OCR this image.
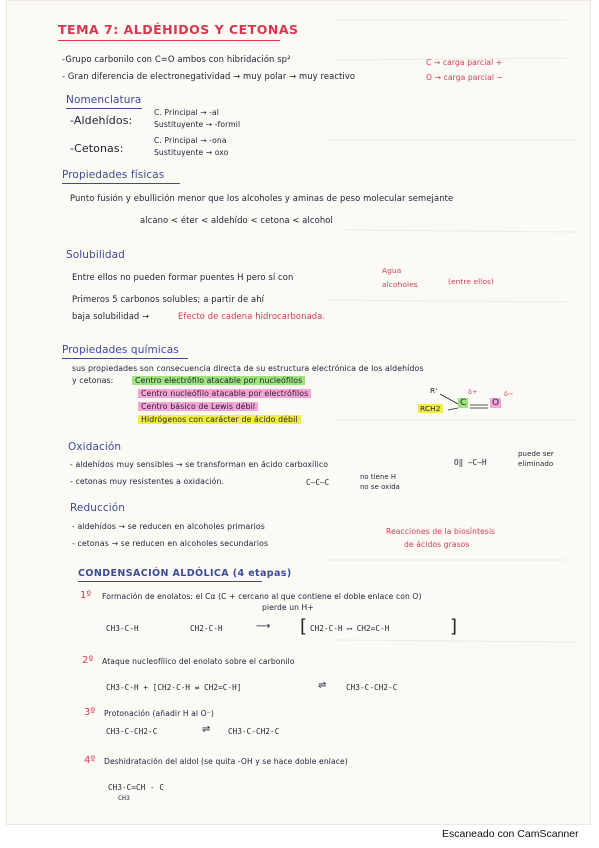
TEMA 7: ALDÉHIDOS Y CETONAS
-Grupo carbonilo con C=O ambos con hibridación sp²
- Gran diferencia de electronegatividad → muy polar → muy reactivo
C → carga parcial +
O → carga parcial −
Nomenclatura
-Aldehídos:
C. Principal → -al
Sustituyente → -formil
-Cetonas:
C. Principal → -ona
Sustituyente → oxo
Propiedades físicas
Punto fusión y ebullición menor que los alcoholes y aminas de peso molecular semejante
alcano < éter < aldehído < cetona < alcohol
Solubilidad
Entre ellos no pueden formar puentes H pero sí con
Agua
alcoholes	(entre ellos)
Primeros 5 carbonos solubles; a partir de ahí
baja solubilidad →	Efecto de cadena hidrocarbonada.
Propiedades químicas
sus propiedades son consecuencia directa de su estructura electrónica de los aldehídos
y cetonas:	Centro electrófilo atacable por nucleófilos
Centro nucleófilo atacable por electrófilos
Centro básico de Lewis débil
Hidrógenos con carácter de ácido débil
R'
RCH2
C
δ+
O
δ−
Oxidación
- aldehídos muy sensibles → se transforman en ácido carboxílico	O‖ —C—H
puede ser
eliminado
- cetonas muy resistentes a oxidación.	C—C—C
no tiene H
no se oxida
Reducción
- aldehídos → se reducen en alcoholes primarios
- cetonas → se reducen en alcoholes secundarios
Reacciones de la biosíntesis
de ácidos grasos
CONDENSACIÓN ALDÓLICA (4 etapas)
1º Formación de enolatos: el Cα (C + cercano al que contiene el doble enlace con O)
pierde un H+
CH3-C-H	CH2-C-H	⟶ [ CH2-C-H ⟷ CH2=C-H	]
2º Ataque nucleofílico del enolato sobre el carbonilo
CH3-C-H + [CH2-C-H ⇌ CH2=C-H]	⇌	CH3-C-CH2-C
3º Protonación (añadir H al O⁻)
CH3-C-CH2-C	⇌ CH3-C-CH2-C
4º Deshidratación del aldol (se quita -OH y se hace doble enlace)
CH3-C=CH - C
CH3
Escaneado con CamScanner
